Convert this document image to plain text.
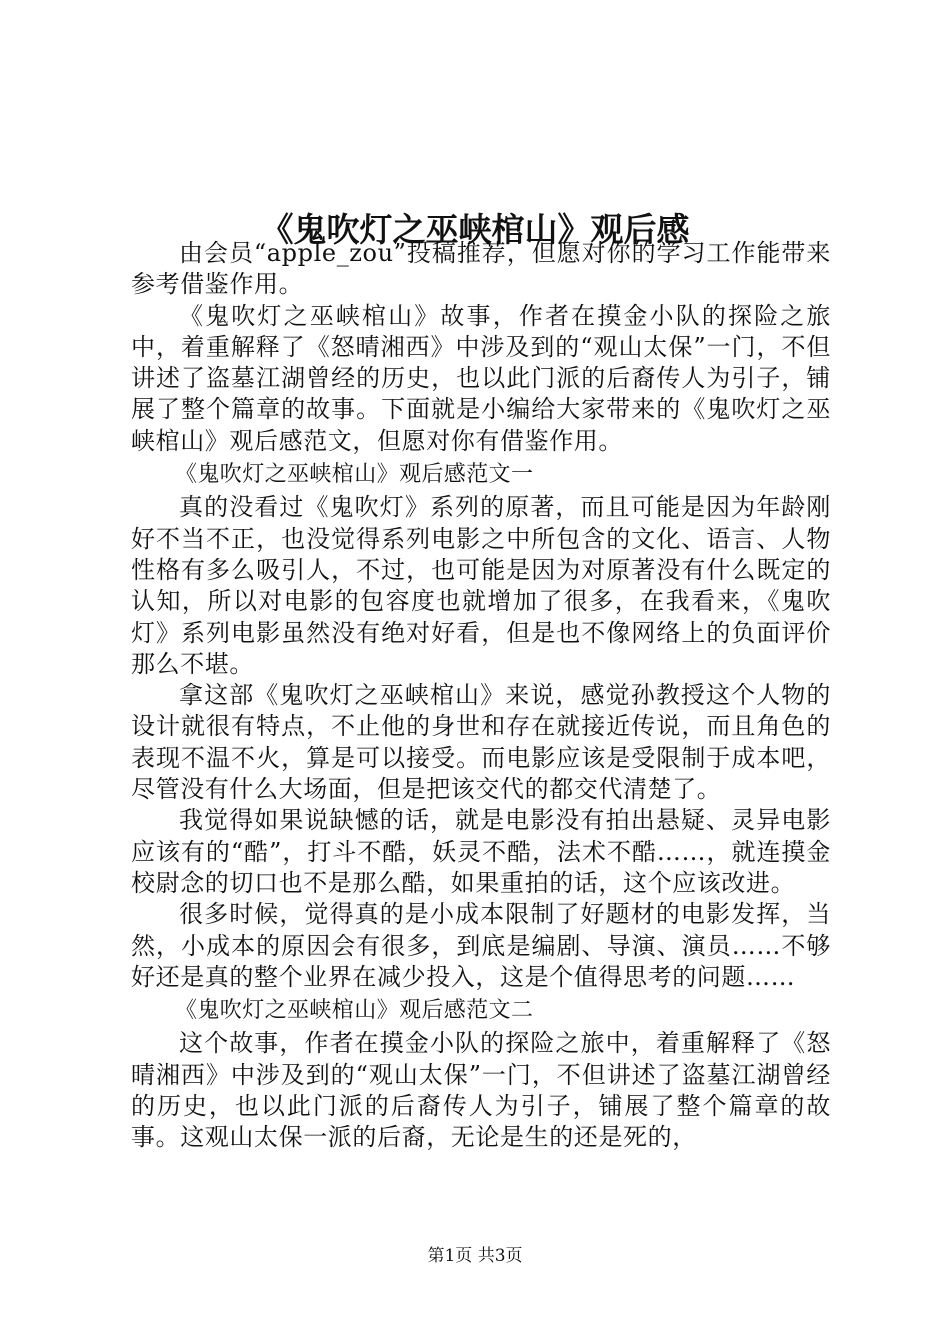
《鬼吹灯之巫峡棺山》观后感

由会员“apple_zou”投稿推荐，但愿对你的学习工作能带来参考借鉴作用。

《鬼吹灯之巫峡棺山》故事，作者在摸金小队的探险之旅中，着重解释了《怒晴湘西》中涉及到的“观山太保”一门，不但讲述了盗墓江湖曾经的历史，也以此门派的后裔传人为引子，铺展了整个篇章的故事。下面就是小编给大家带来的《鬼吹灯之巫峡棺山》观后感范文，但愿对你有借鉴作用。

《鬼吹灯之巫峡棺山》观后感范文一

真的没看过《鬼吹灯》系列的原著，而且可能是因为年龄刚好不当不正，也没觉得系列电影之中所包含的文化、语言、人物性格有多么吸引人，不过，也可能是因为对原著没有什么既定的认知，所以对电影的包容度也就增加了很多，在我看来，《鬼吹灯》系列电影虽然没有绝对好看，但是也不像网络上的负面评价那么不堪。

拿这部《鬼吹灯之巫峡棺山》来说，感觉孙教授这个人物的设计就很有特点，不止他的身世和存在就接近传说，而且角色的表现不温不火，算是可以接受。而电影应该是受限制于成本吧，尽管没有什么大场面，但是把该交代的都交代清楚了。

我觉得如果说缺憾的话，就是电影没有拍出悬疑、灵异电影应该有的“酷”，打斗不酷，妖灵不酷，法术不酷……，就连摸金校尉念的切口也不是那么酷，如果重拍的话，这个应该改进。

很多时候，觉得真的是小成本限制了好题材的电影发挥，当然，小成本的原因会有很多，到底是编剧、导演、演员……不够好还是真的整个业界在减少投入，这是个值得思考的问题……

《鬼吹灯之巫峡棺山》观后感范文二

这个故事，作者在摸金小队的探险之旅中，着重解释了《怒晴湘西》中涉及到的“观山太保”一门，不但讲述了盗墓江湖曾经的历史，也以此门派的后裔传人为引子，铺展了整个篇章的故事。这观山太保一派的后裔，无论是生的还是死的，

第1页 共3页
